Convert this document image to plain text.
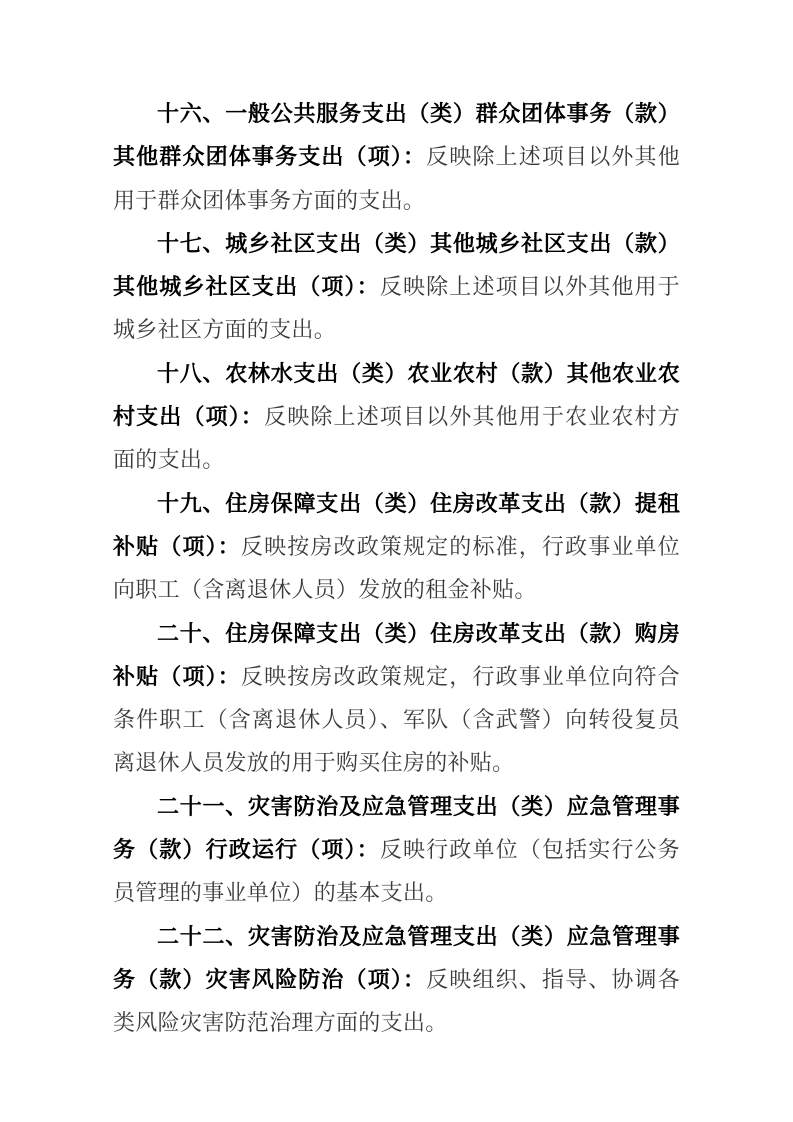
十六、一般公共服务支出（类）群众团体事务（款）其他群众团体事务支出（项）：反映除上述项目以外其他用于群众团体事务方面的支出。

十七、城乡社区支出（类）其他城乡社区支出（款）其他城乡社区支出（项）：反映除上述项目以外其他用于城乡社区方面的支出。

十八、农林水支出（类）农业农村（款）其他农业农村支出（项）：反映除上述项目以外其他用于农业农村方面的支出。

十九、住房保障支出（类）住房改革支出（款）提租补贴（项）：反映按房改政策规定的标准，行政事业单位向职工（含离退休人员）发放的租金补贴。

二十、住房保障支出（类）住房改革支出（款）购房补贴（项）：反映按房改政策规定，行政事业单位向符合条件职工（含离退休人员）、军队（含武警）向转役复员离退休人员发放的用于购买住房的补贴。

二十一、灾害防治及应急管理支出（类）应急管理事务（款）行政运行（项）：反映行政单位（包括实行公务员管理的事业单位）的基本支出。

二十二、灾害防治及应急管理支出（类）应急管理事务（款）灾害风险防治（项）：反映组织、指导、协调各类风险灾害防范治理方面的支出。
